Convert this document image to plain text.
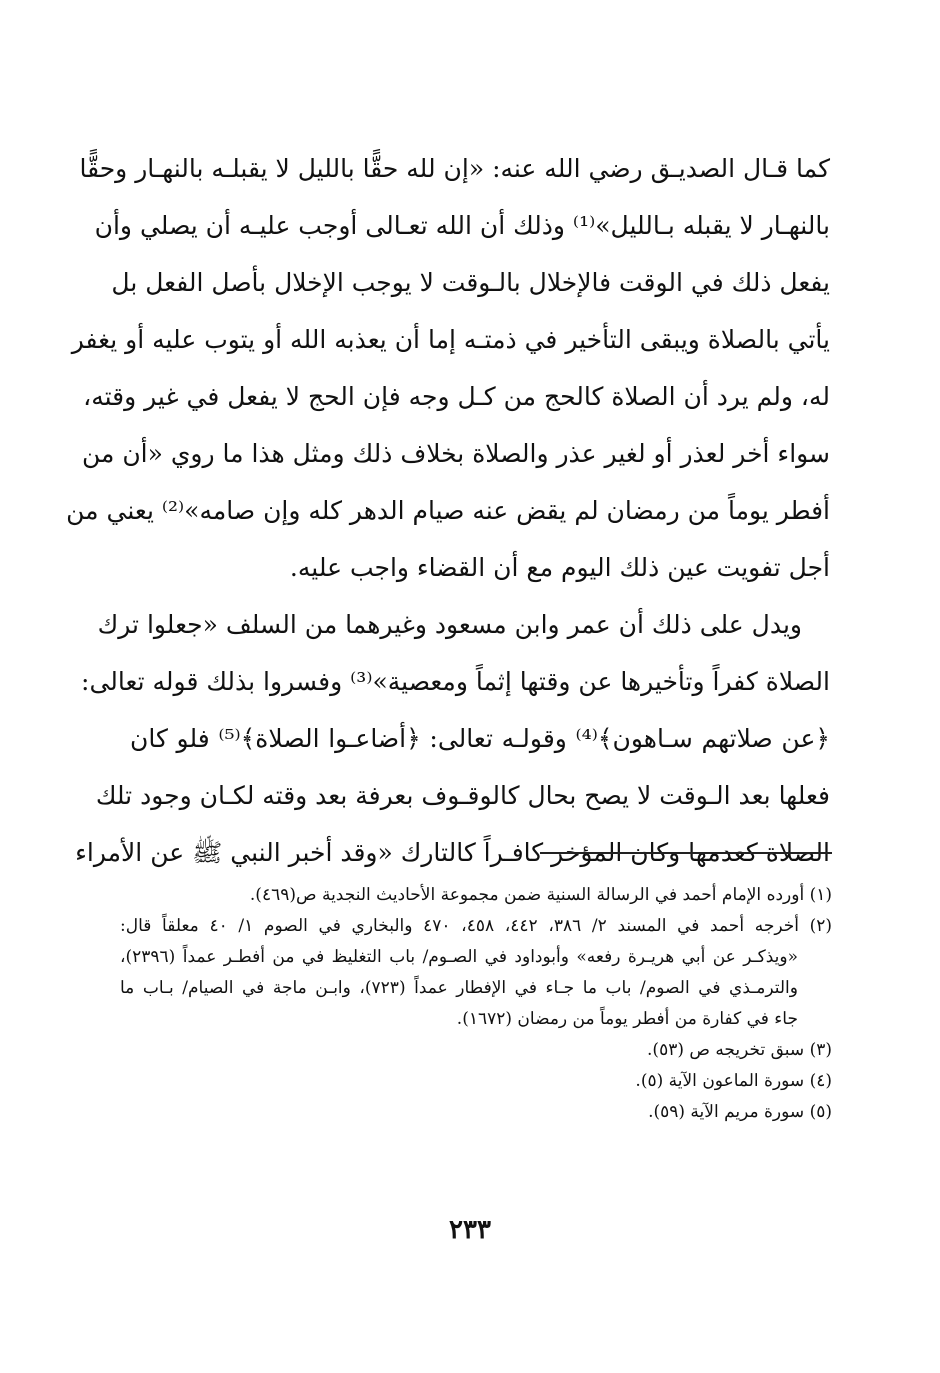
كما قـال الصديـق رضي الله عنه: «إن لله حقًّا بالليل لا يقبلـه بالنهـار وحقًّا
بالنهـار لا يقبله بـالليل»⁽¹⁾ وذلك أن الله تعـالى أوجب عليـه أن يصلي وأن
يفعل ذلك في الوقت فالإخلال بالـوقت لا يوجب الإخلال بأصل الفعل بل
يأتي بالصلاة ويبقى التأخير في ذمتـه إما أن يعذبه الله أو يتوب عليه أو يغفر
له، ولم يرد أن الصلاة كالحج من كـل وجه فإن الحج لا يفعل في غير وقته،
سواء أخر لعذر أو لغير عذر والصلاة بخلاف ذلك ومثل هذا ما روي «أن من
أفطر يوماً من رمضان لم يقض عنه صيام الدهر كله وإن صامه»⁽²⁾ يعني من
أجل تفويت عين ذلك اليوم مع أن القضاء واجب عليه.
ويدل على ذلك أن عمر وابن مسعود وغيرهما من السلف «جعلوا ترك
الصلاة كفراً وتأخيرها عن وقتها إثماً ومعصية»⁽³⁾ وفسروا بذلك قوله تعالى:
﴿عن صلاتهم سـاهون﴾⁽⁴⁾ وقولـه تعالى: ﴿أضاعـوا الصلاة﴾⁽⁵⁾ فلو كان
فعلها بعد الـوقت لا يصح بحال كالوقـوف بعرفة بعد وقته لكـان وجود تلك
الصلاة كعدمها وكان المؤخر كافـراً كالتارك «وقد أخبر النبي ﷺ عن الأمراء
(١) أورده الإمام أحمد في الرسالة السنية ضمن مجموعة الأحاديث النجدية ص(٤٦٩).
(٢) أخرجه أحمد في المسند ٢/ ٣٨٦، ٤٤٢، ٤٥٨، ٤٧٠ والبخاري في الصوم ١/ ٤٠ معلقاً قال:
«ويذكـر عن أبي هريـرة رفعه» وأبوداود في الصـوم/ باب التغليظ في من أفطـر عمداً (٢٣٩٦)،
والترمـذي في الصوم/ باب ما جـاء في الإفطار عمداً (٧٢٣)، وابـن ماجة في الصيام/ بـاب ما
جاء في كفارة من أفطر يوماً من رمضان (١٦٧٢).
(٣) سبق تخريجه ص (٥٣).
(٤) سورة الماعون الآية (٥).
(٥) سورة مريم الآية (٥٩).
٢٣٣
